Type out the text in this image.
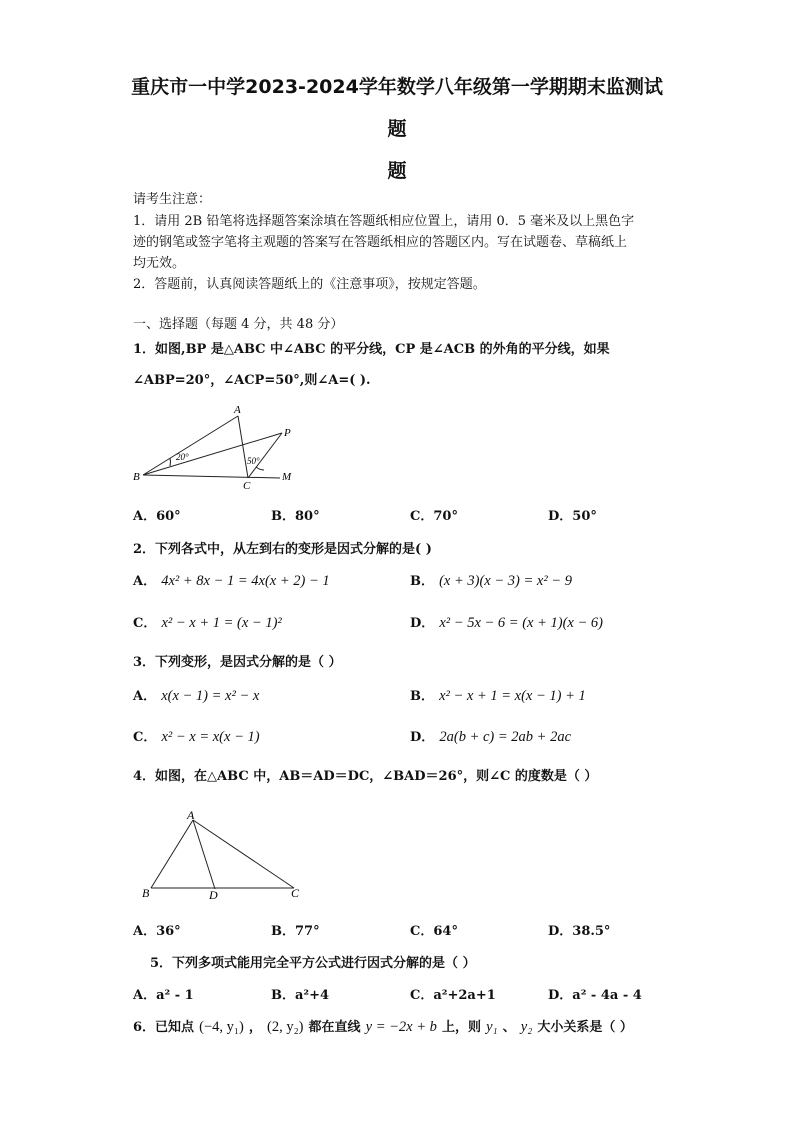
重庆市一中学2023-2024学年数学八年级第一学期期末监测试
题
题
请考生注意：
1．请用 2B 铅笔将选择题答案涂填在答题纸相应位置上，请用 0．5 毫米及以上黑色字
迹的钢笔或签字笔将主观题的答案写在答题纸相应的答题区内。写在试题卷、草稿纸上
均无效。
2．答题前，认真阅读答题纸上的《注意事项》，按规定答题。
一、选择题（每题 4 分，共 48 分）
1．如图,BP 是△ABC 中∠ABC 的平分线，CP 是∠ACB 的外角的平分线，如果
∠ABP=20°，∠ACP=50°,则∠A=( ).
A
B
C
P
M
20°	50°
A．60°	B．80°	C．70°	D．50°
2．下列各式中，从左到右的变形是因式分解的是( )
A． 4x² + 8x − 1 = 4x(x + 2) − 1	B． (x + 3)(x − 3) = x² − 9
C． x² − x + 1 = (x − 1)²	D． x² − 5x − 6 = (x + 1)(x − 6)
3．下列变形，是因式分解的是（ ）
A． x(x − 1) = x² − x	B． x² − x + 1 = x(x − 1) + 1
C． x² − x = x(x − 1)	D． 2a(b + c) = 2ab + 2ac
4．如图，在△ABC 中，AB＝AD＝DC，∠BAD＝26°，则∠C 的度数是（ ）
A
B	D	C
A．36°	B．77°	C．64°	D．38.5°
5．下列多项式能用完全平方公式进行因式分解的是（ ）
A．a² - 1	B．a²+4	C．a²+2a+1	D．a² - 4a - 4
6．已知点 (−4, y₁) ， (2, y₂) 都在直线 y = −2x + b 上，则 y₁ 、 y₂ 大小关系是（ ）
